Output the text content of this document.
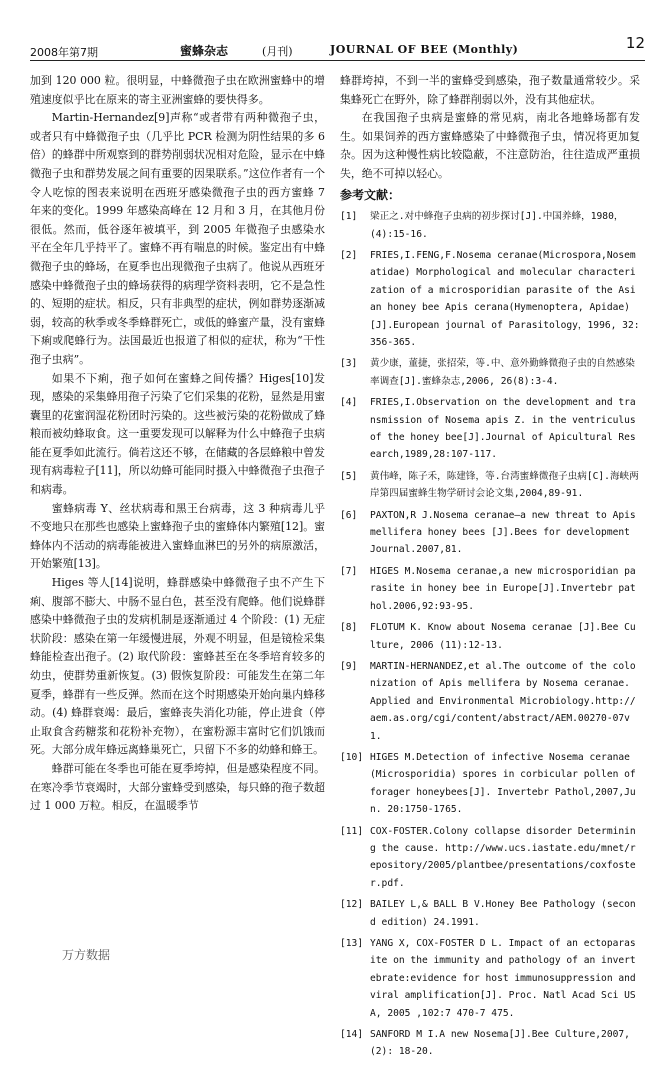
2008年第7期	蜜蜂杂志	(月刊)	JOURNAL OF BEE (Monthly)	12

加到 120 000 粒。很明显，中蜂微孢子虫在欧洲蜜蜂中的增殖速度似乎比在原来的寄主亚洲蜜蜂的要快得多。

Martin-Hernandez[9]声称“或者带有两种微孢子虫，或者只有中蜂微孢子虫（几乎比 PCR 检测为阴性结果的多 6 倍）的蜂群中所观察到的群势削弱状况相对危险，显示在中蜂微孢子虫和群势发展之间有重要的因果联系。”这位作者有一个令人吃惊的图表来说明在西班牙感染微孢子虫的西方蜜蜂 7 年来的变化。1999 年感染高峰在 12 月和 3 月，在其他月份很低。然而，低谷逐年被填平，到 2005 年微孢子虫感染水平在全年几乎持平了。蜜蜂不再有喘息的时候。鉴定出有中蜂微孢子虫的蜂场，在夏季也出现微孢子虫病了。他说从西班牙感染中蜂微孢子虫的蜂场获得的病理学资料表明，它不是急性的、短期的症状。相反，只有非典型的症状，例如群势逐渐减弱，较高的秋季或冬季蜂群死亡，或低的蜂蜜产量，没有蜜蜂下痢或爬蜂行为。法国最近也报道了相似的症状，称为“干性孢子虫病”。

如果不下痢，孢子如何在蜜蜂之间传播？Higes[10]发现，感染的采集蜂用孢子污染了它们采集的花粉，显然是用蜜囊里的花蜜润湿花粉团时污染的。这些被污染的花粉做成了蜂粮而被幼蜂取食。这一重要发现可以解释为什么中蜂孢子虫病能在夏季如此流行。倘若这还不够，在储藏的各层蜂粮中曾发现有病毒粒子[11]，所以幼蜂可能同时摄入中蜂微孢子虫孢子和病毒。

蜜蜂病毒 Y、丝状病毒和黑王台病毒，这 3 种病毒儿乎不变地只在那些也感染上蜜蜂孢子虫的蜜蜂体内繁殖[12]。蜜蜂体内不活动的病毒能被进入蜜蜂血淋巴的另外的病原激活，开始繁殖[13]。

Higes 等人[14]说明，蜂群感染中蜂微孢子虫不产生下痢、腹部不膨大、中肠不显白色，甚至没有爬蜂。他们说蜂群感染中蜂微孢子虫的发病机制是逐渐通过 4 个阶段：(1) 无症状阶段：感染在第一年缓慢进展，外观不明显，但是镜检采集蜂能检查出孢子。(2) 取代阶段：蜜蜂甚至在冬季培育较多的幼虫，使群势重新恢复。(3) 假恢复阶段：可能发生在第二年夏季，蜂群有一些反弹。然而在这个时期感染开始向巢内蜂移动。(4) 蜂群衰竭：最后，蜜蜂丧失消化功能，停止进食（停止取食含药糖浆和花粉补充物），在蜜粉源丰富时它们饥饿而死。大部分成年蜂远离蜂巢死亡，只留下不多的幼蜂和蜂王。

蜂群可能在冬季也可能在夏季垮掉，但是感染程度不同。在寒冷季节衰竭时，大部分蜜蜂受到感染，每只蜂的孢子数超过 1 000 万粒。相反，在温暖季节

蜂群垮掉，不到一半的蜜蜂受到感染，孢子数量通常较少。采集蜂死亡在野外，除了蜂群削弱以外，没有其他症状。

在我国孢子虫病是蜜蜂的常见病，南北各地蜂场都有发生。如果饲养的西方蜜蜂感染了中蜂微孢子虫，情况将更加复杂。因为这种慢性病比较隐蔽，不注意防治，往往造成严重损失，绝不可掉以轻心。

参考文献：
[1]	梁正之.对中蜂孢子虫病的初步探讨[J].中国养蜂，1980，(4):15-16.
[2]	FRIES,I.FENG,F.Nosema ceranae(Microspora,Nosematidae) Morphological and molecular characterization of a microsporidian parasite of the Asian honey bee Apis cerana(Hymenoptera, Apidae)[J].European journal of Parasitology，1996, 32:356-365.
[3]	黄少康，董捷，张招荣，等.中、意外勤蜂微孢子虫的自然感染率调查[J].蜜蜂杂志,2006, 26(8):3-4.
[4]	FRIES,I.Observation on the development and transmission of Nosema apis Z. in the ventriculus of the honey bee[J].Journal of Apicultural Research,1989,28:107-117.
[5]	黄伟峰，陈子禾，陈建锋，等.台湾蜜蜂微孢子虫病[C].海峡两岸第四届蜜蜂生物学研讨会论文集,2004,89-91.
[6]	PAXTON,R J.Nosema ceranae—a new threat to Apis mellifera honey bees [J].Bees for development Journal.2007,81.
[7]	HIGES M.Nosema ceranae,a new microsporidian parasite in honey bee in Europe[J].Invertebr pathol.2006,92:93-95.
[8]	FLOTUM K. Know about Nosema ceranae [J].Bee Culture, 2006 (11):12-13.
[9]	MARTIN-HERNANDEZ,et al.The outcome of the colonization of Apis mellifera by Nosema ceranae. Applied and Environmental Microbiology.http://aem.as.org/cgi/content/abstract/AEM.00270-07v1.
[10] HIGES M.Detection of infective Nosema ceranae(Microsporidia) spores in corbicular pollen of forager honeybees[J]. Invertebr Pathol,2007,Jun. 20:1750-1765.
[11] COX-FOSTER.Colony collapse disorder Determining the cause. http://www.ucs.iastate.edu/mnet/repository/2005/plantbee/presentations/coxfoster.pdf.
[12] BAILEY L,& BALL B V.Honey Bee Pathology (second edition) 24.1991.
[13] YANG X, COX-FOSTER D L. Impact of an ectoparasite on the immunity and pathology of an invertebrate:evidence for host immunosuppression and viral amplification[J]. Proc. Natl Acad Sci USA, 2005 ,102:7 470-7 475.
[14] SANFORD M I.A new Nosema[J].Bee Culture,2007,(2): 18-20.
万方数据
